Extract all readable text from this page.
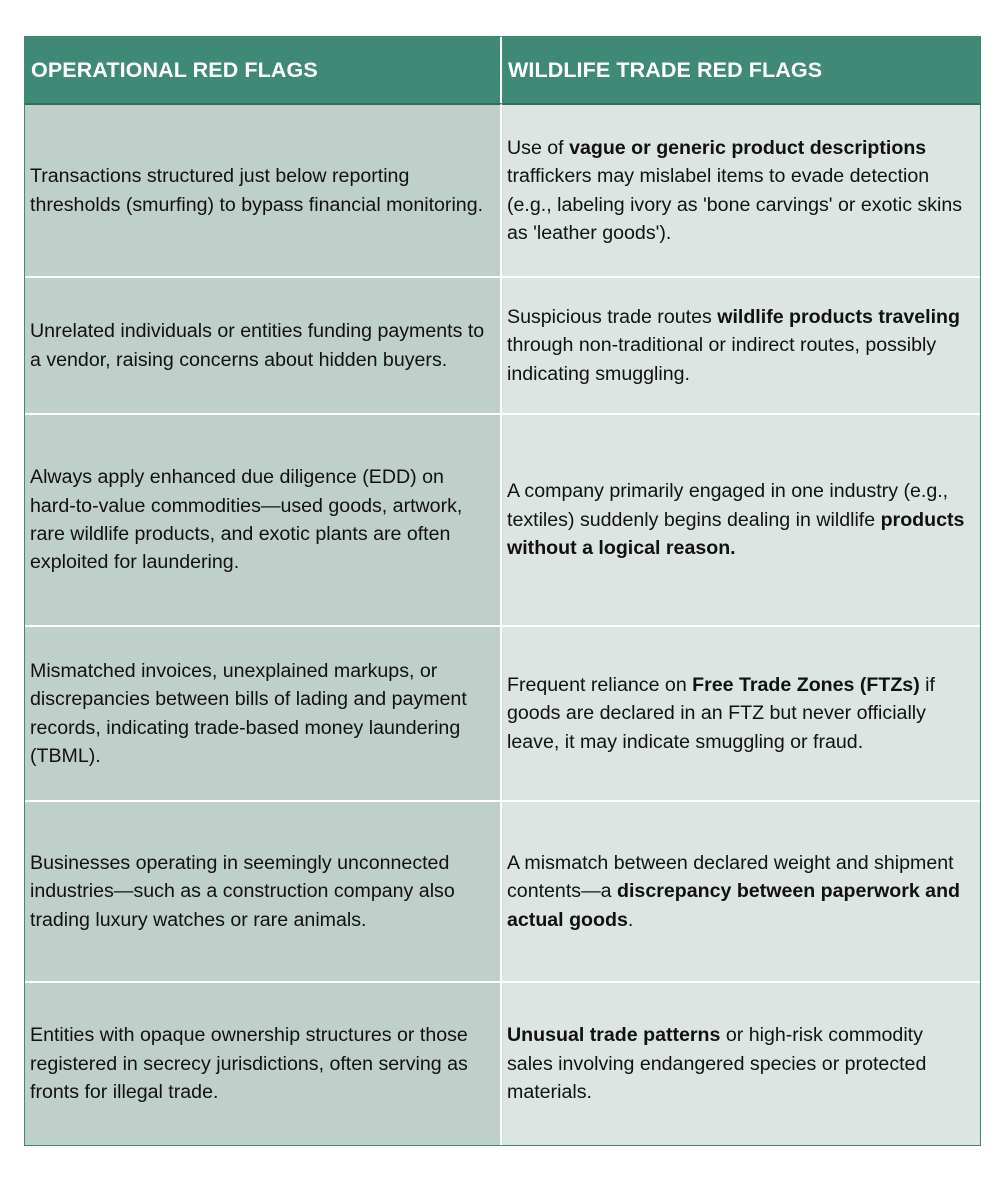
OPERATIONAL RED FLAGS	WILDLIFE TRADE RED FLAGS
Transactions structured just below reporting thresholds (smurfing) to bypass financial monitoring.
Use of vague or generic product descriptions traffickers may mislabel items to evade detection (e.g., labeling ivory as 'bone carvings' or exotic skins as 'leather goods').
Unrelated individuals or entities funding payments to a vendor, raising concerns about hidden buyers.
Suspicious trade routes wildlife products traveling through non-traditional or indirect routes, possibly indicating smuggling.
Always apply enhanced due diligence (EDD) on hard-to-value commodities—used goods, artwork, rare wildlife products, and exotic plants are often exploited for laundering.
A company primarily engaged in one industry (e.g., textiles) suddenly begins dealing in wildlife products without a logical reason.
Mismatched invoices, unexplained markups, or discrepancies between bills of lading and payment records, indicating trade-based money laundering (TBML).
Frequent reliance on Free Trade Zones (FTZs) if goods are declared in an FTZ but never officially leave, it may indicate smuggling or fraud.
Businesses operating in seemingly unconnected industries—such as a construction company also trading luxury watches or rare animals.
A mismatch between declared weight and shipment contents—a discrepancy between paperwork and actual goods.
Entities with opaque ownership structures or those registered in secrecy jurisdictions, often serving as fronts for illegal trade.
Unusual trade patterns or high-risk commodity sales involving endangered species or protected materials.
